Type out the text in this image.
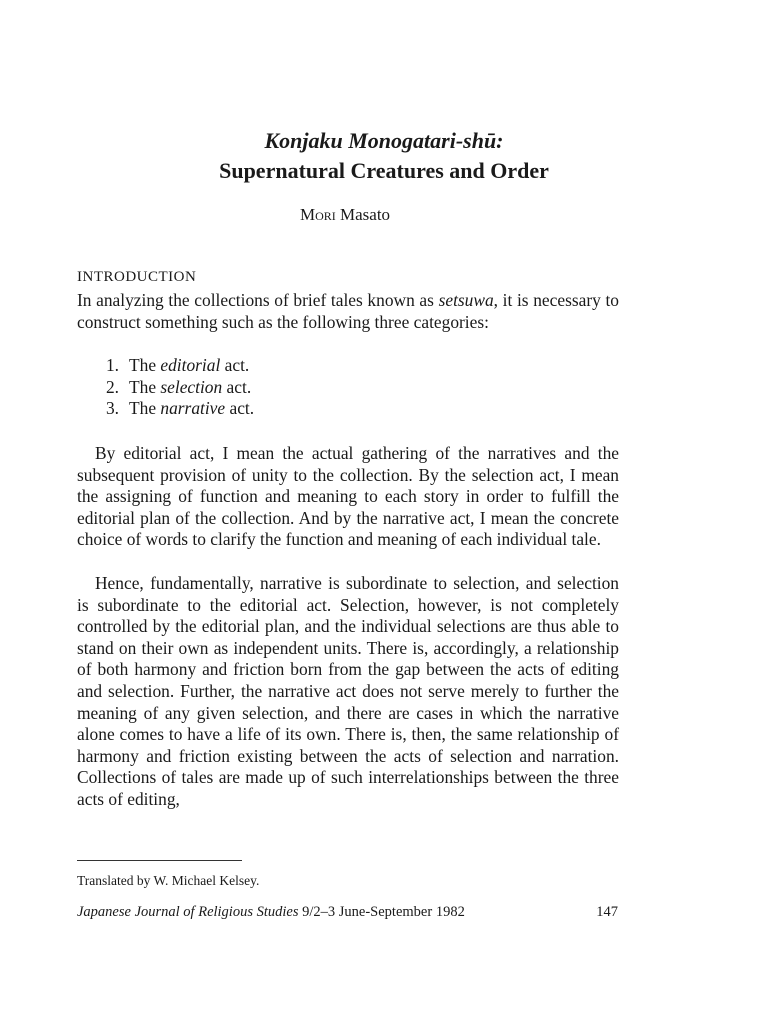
Konjaku Monogatari-shū:
Supernatural Creatures and Order
Mori Masato
INTRODUCTION
In analyzing the collections of brief tales known as setsuwa, it is necessary to construct something such as the following three categories:
1. The editorial act.
2. The selection act.
3. The narrative act.
By editorial act, I mean the actual gathering of the narratives and the subsequent provision of unity to the collection. By the selection act, I mean the assigning of function and meaning to each story in order to fulfill the editorial plan of the collection. And by the narrative act, I mean the concrete choice of words to clarify the function and meaning of each individual tale.
Hence, fundamentally, narrative is subordinate to selection, and selection is subordinate to the editorial act. Selection, however, is not completely controlled by the editorial plan, and the individual selections are thus able to stand on their own as independent units. There is, accordingly, a relationship of both harmony and friction born from the gap between the acts of editing and selection. Further, the narrative act does not serve merely to further the meaning of any given selection, and there are cases in which the narrative alone comes to have a life of its own. There is, then, the same relationship of harmony and friction existing between the acts of selection and narration. Collections of tales are made up of such interrelationships between the three acts of editing,
Translated by W. Michael Kelsey.
Japanese Journal of Religious Studies 9/2–3 June-September 1982	147
